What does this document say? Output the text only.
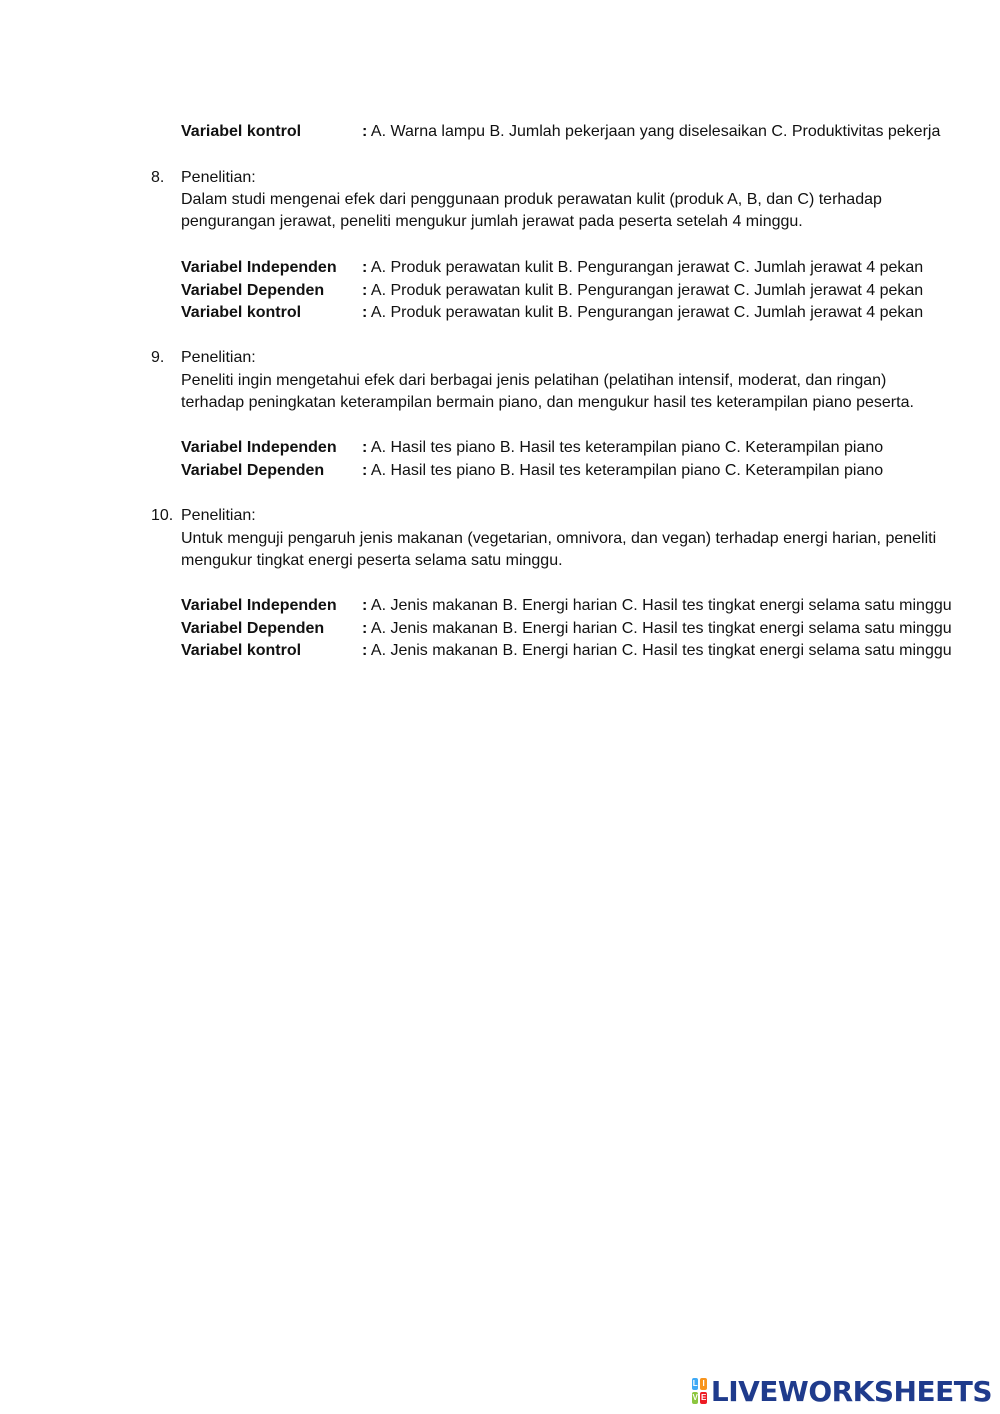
Variabel kontrol	: A. Warna lampu B. Jumlah pekerjaan yang diselesaikan C. Produktivitas pekerja
8. Penelitian:
Dalam studi mengenai efek dari penggunaan produk perawatan kulit (produk A, B, dan C) terhadap
pengurangan jerawat, peneliti mengukur jumlah jerawat pada peserta setelah 4 minggu.
Variabel Independen : A. Produk perawatan kulit B. Pengurangan jerawat C. Jumlah jerawat 4 pekan
Variabel Dependen : A. Produk perawatan kulit B. Pengurangan jerawat C. Jumlah jerawat 4 pekan
Variabel kontrol	: A. Produk perawatan kulit B. Pengurangan jerawat C. Jumlah jerawat 4 pekan
9. Penelitian:
Peneliti ingin mengetahui efek dari berbagai jenis pelatihan (pelatihan intensif, moderat, dan ringan)
terhadap peningkatan keterampilan bermain piano, dan mengukur hasil tes keterampilan piano peserta.
Variabel Independen : A. Hasil tes piano B. Hasil tes keterampilan piano C. Keterampilan piano
Variabel Dependen : A. Hasil tes piano B. Hasil tes keterampilan piano C. Keterampilan piano
10. Penelitian:
Untuk menguji pengaruh jenis makanan (vegetarian, omnivora, dan vegan) terhadap energi harian, peneliti
mengukur tingkat energi peserta selama satu minggu.
Variabel Independen : A. Jenis makanan B. Energi harian C. Hasil tes tingkat energi selama satu minggu
Variabel Dependen : A. Jenis makanan B. Energi harian C. Hasil tes tingkat energi selama satu minggu
Variabel kontrol	: A. Jenis makanan B. Energi harian C. Hasil tes tingkat energi selama satu minggu
L I
V E LIVEWORKSHEETS
